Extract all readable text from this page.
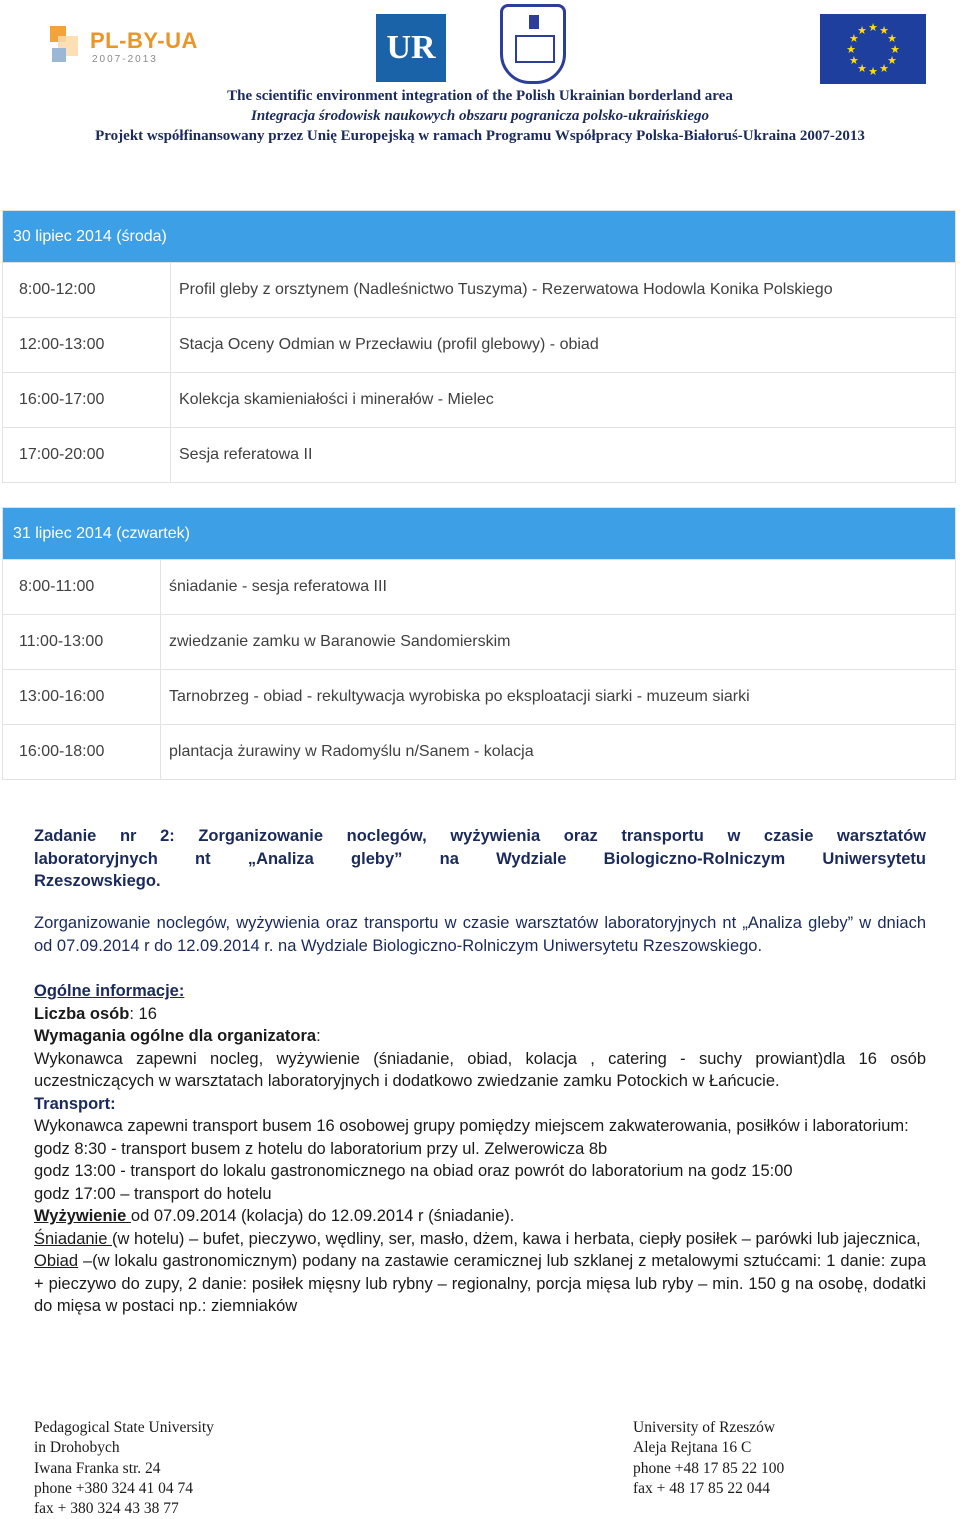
PL-BY-UA
2007-2013	UR
★ ★
★
★
★
★
★
★
★
★
★
★
The scientific environment integration of the Polish Ukrainian borderland area
Integracja środowisk naukowych obszaru pogranicza polsko-ukraińskiego
Projekt współfinansowany przez Unię Europejską w ramach Programu Współpracy Polska-Białoruś-Ukraina 2007-2013
30 lipiec 2014 (środa)	
8:00-12:00	Profil gleby z orsztynem (Nadleśnictwo Tuszyma) - Rezerwatowa Hodowla Konika Polskiego
12:00-13:00	Stacja Oceny Odmian w Przecławiu (profil glebowy) - obiad
16:00-17:00	Kolekcja skamieniałości i minerałów - Mielec
17:00-20:00	Sesja referatowa II
31 lipiec 2014 (czwartek)	
8:00-11:00	śniadanie - sesja referatowa III
11:00-13:00	zwiedzanie zamku w Baranowie Sandomierskim
13:00-16:00	Tarnobrzeg - obiad - rekultywacja wyrobiska po eksploatacji siarki - muzeum siarki
16:00-18:00	plantacja żurawiny w Radomyślu n/Sanem - kolacja
Zadanie nr 2: Zorganizowanie noclegów, wyżywienia oraz transportu w czasie warsztatów
laboratoryjnych nt „Analiza gleby” na Wydziale Biologiczno-Rolniczym Uniwersytetu
Rzeszowskiego.
Zorganizowanie noclegów, wyżywienia oraz transportu w czasie warsztatów laboratoryjnych nt „Analiza gleby” w dniach od 07.09.2014 r do 12.09.2014 r. na Wydziale Biologiczno-Rolniczym Uniwersytetu Rzeszowskiego.
Ogólne informacje:
Liczba osób: 16
Wymagania ogólne dla organizatora:
Wykonawca zapewni nocleg, wyżywienie (śniadanie, obiad, kolacja , catering - suchy prowiant)dla 16 osób uczestniczących w warsztatach laboratoryjnych i dodatkowo zwiedzanie zamku Potockich w Łańcucie.
Transport:
Wykonawca zapewni transport busem 16 osobowej grupy pomiędzy miejscem zakwaterowania, posiłków i laboratorium:
godz 8:30 - transport busem z hotelu do laboratorium przy ul. Zelwerowicza 8b
godz 13:00 - transport do lokalu gastronomicznego na obiad oraz powrót do laboratorium na godz 15:00
godz 17:00 – transport do hotelu
Wyżywienie od 07.09.2014 (kolacja) do 12.09.2014 r (śniadanie).
Śniadanie (w hotelu) – bufet, pieczywo, wędliny, ser, masło, dżem, kawa i herbata, ciepły posiłek – parówki lub jajecznica,
Obiad –(w lokalu gastronomicznym) podany na zastawie ceramicznej lub szklanej z metalowymi sztućcami: 1 danie: zupa + pieczywo do zupy, 2 danie: posiłek mięsny lub rybny – regionalny, porcja mięsa lub ryby – min. 150 g na osobę, dodatki do mięsa w postaci np.: ziemniaków
Pedagogical State University
in Drohobych
Iwana Franka str. 24
phone +380 324 41 04 74
fax + 380 324 43 38 77
University of Rzeszów
Aleja Rejtana 16 C
phone +48 17 85 22 100
fax + 48 17 85 22 044
